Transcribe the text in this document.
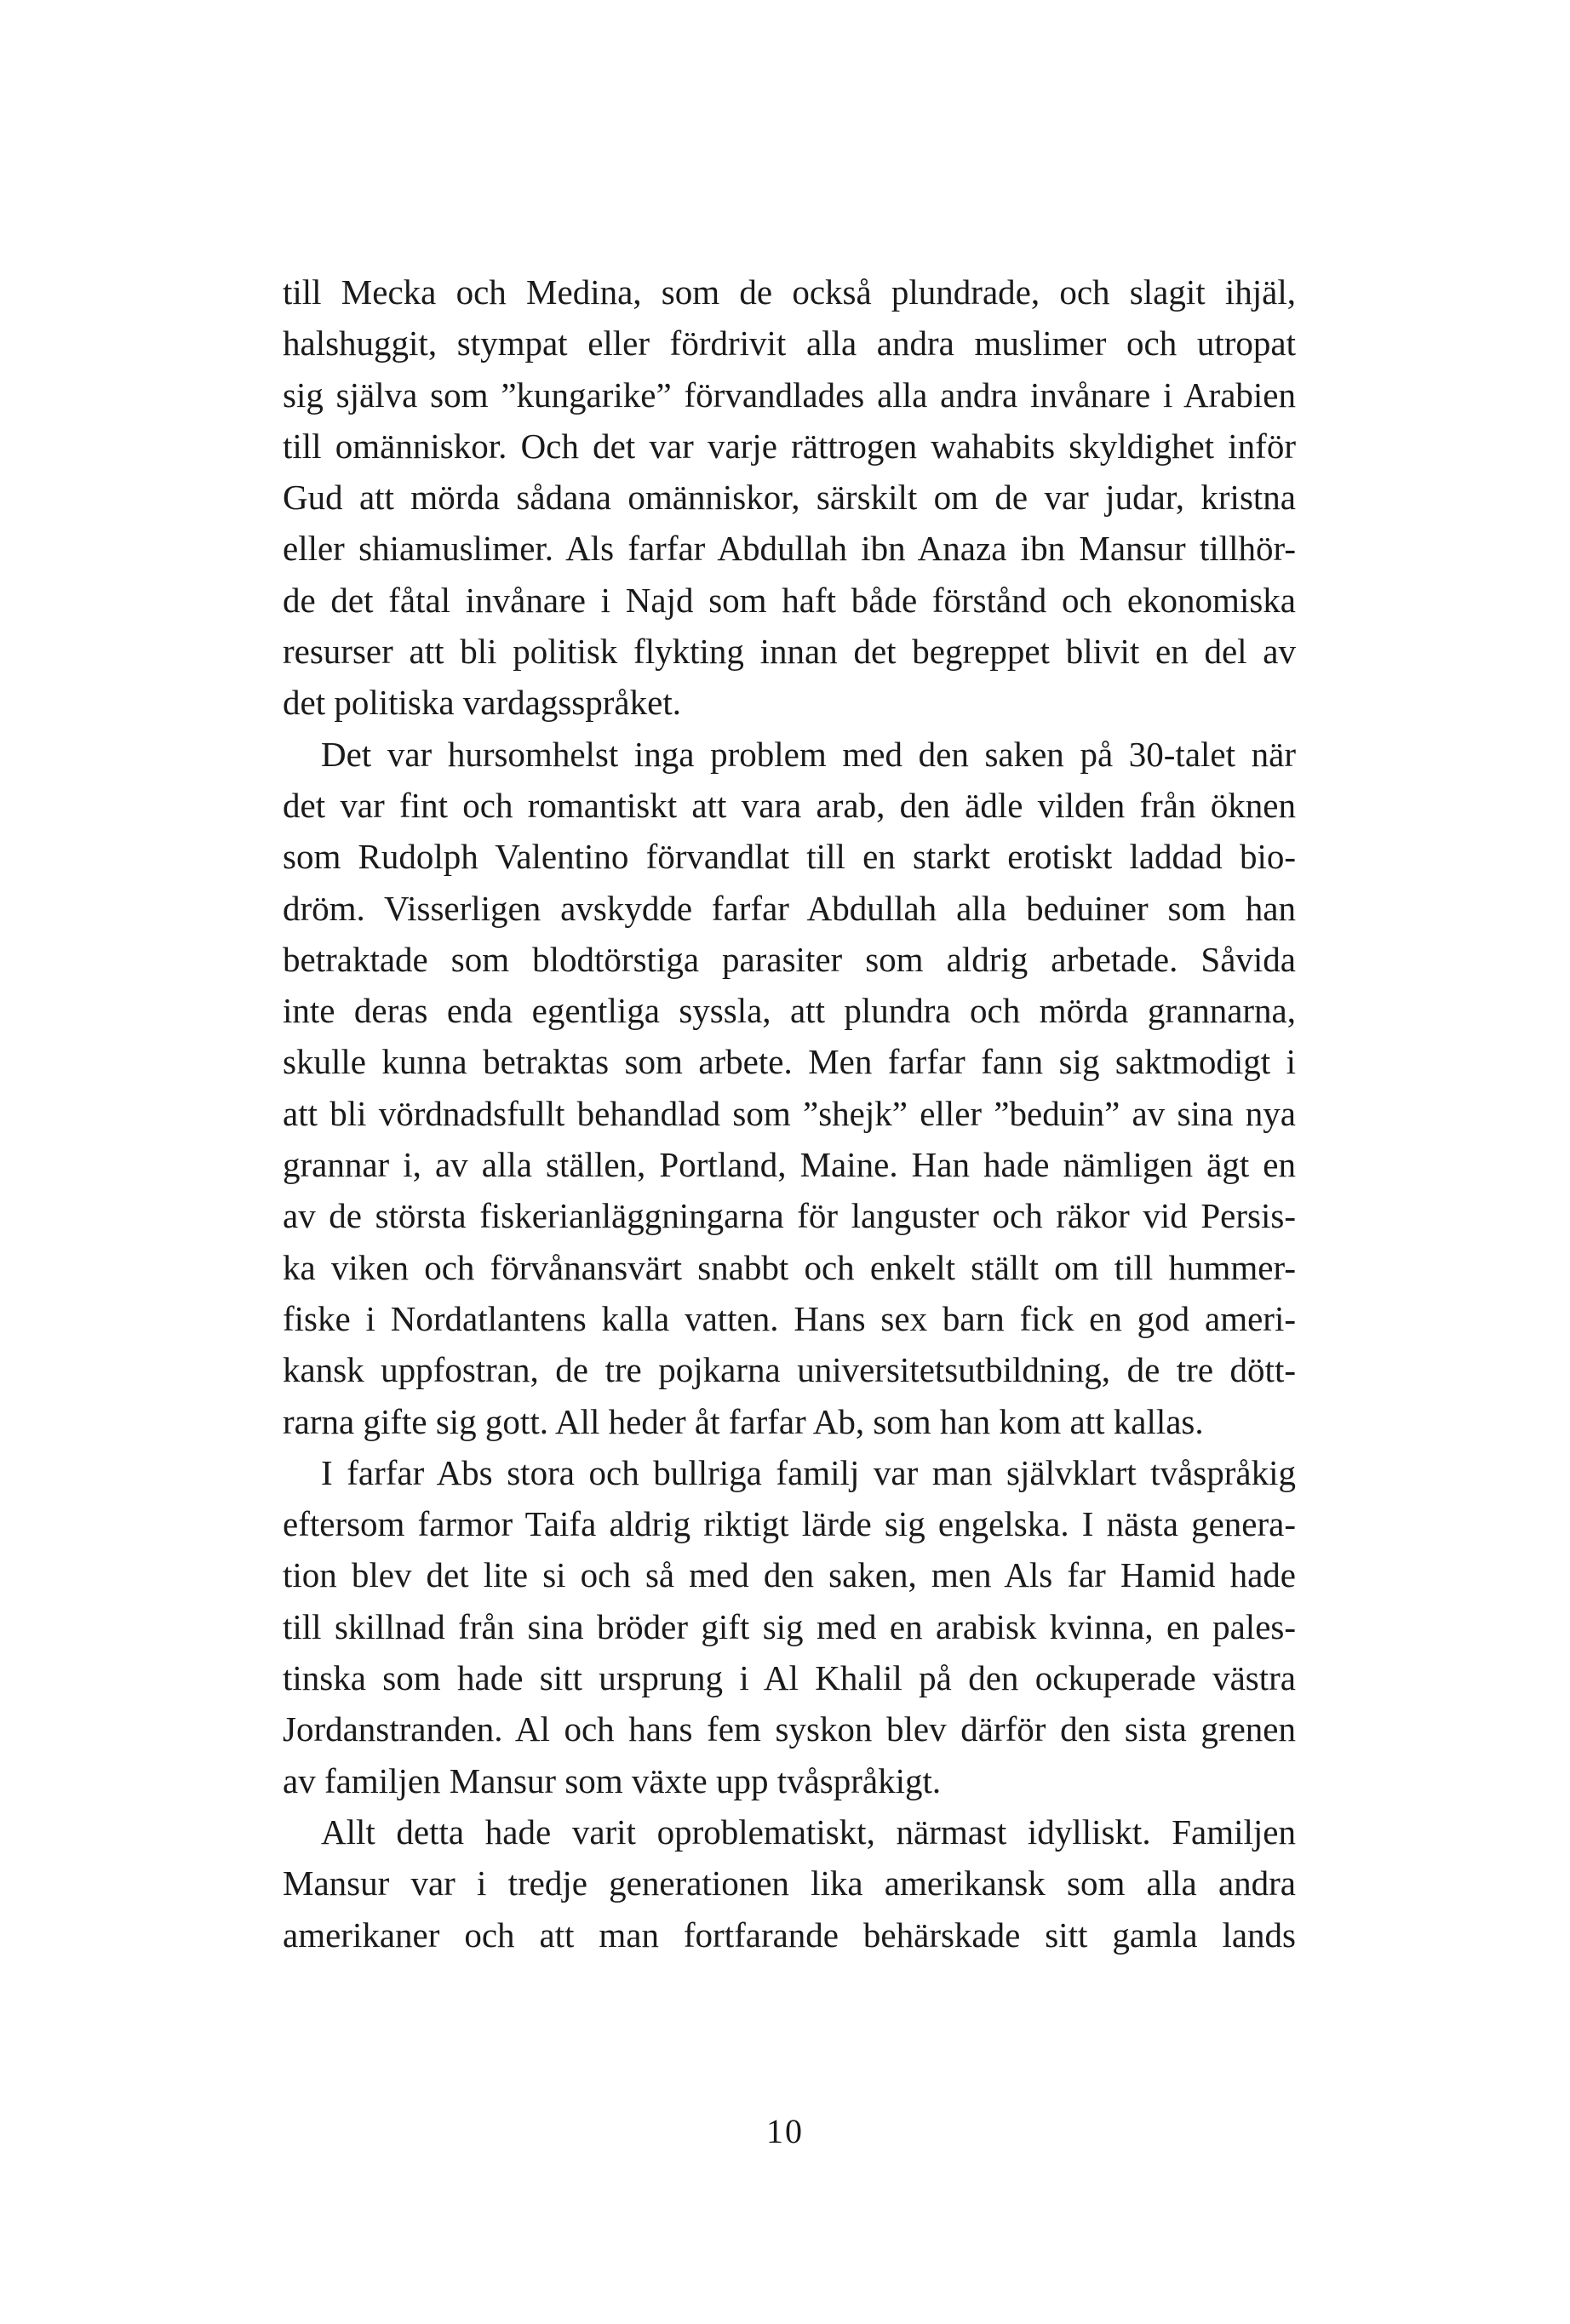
till Mecka och Medina, som de också plundrade, och slagit ihjäl,
halshuggit, stympat eller fördrivit alla andra muslimer och utropat
sig själva som ”kungarike” förvandlades alla andra invånare i Arabien
till omänniskor. Och det var varje rättrogen wahabits skyldighet inför
Gud att mörda sådana omänniskor, särskilt om de var judar, kristna
eller shiamuslimer. Als farfar Abdullah ibn Anaza ibn Mansur tillhör-
de det fåtal invånare i Najd som haft både förstånd och ekonomiska
resurser att bli politisk flykting innan det begreppet blivit en del av
det politiska vardagsspråket.
Det var hursomhelst inga problem med den saken på 30-talet när
det var fint och romantiskt att vara arab, den ädle vilden från öknen
som Rudolph Valentino förvandlat till en starkt erotiskt laddad bio-
dröm. Visserligen avskydde farfar Abdullah alla beduiner som han
betraktade som blodtörstiga parasiter som aldrig arbetade. Såvida
inte deras enda egentliga syssla, att plundra och mörda grannarna,
skulle kunna betraktas som arbete. Men farfar fann sig saktmodigt i
att bli vördnadsfullt behandlad som ”shejk” eller ”beduin” av sina nya
grannar i, av alla ställen, Portland, Maine. Han hade nämligen ägt en
av de största fiskerianläggningarna för languster och räkor vid Persis-
ka viken och förvånansvärt snabbt och enkelt ställt om till hummer-
fiske i Nordatlantens kalla vatten. Hans sex barn fick en god ameri-
kansk uppfostran, de tre pojkarna universitetsutbildning, de tre dött-
rarna gifte sig gott. All heder åt farfar Ab, som han kom att kallas.
I farfar Abs stora och bullriga familj var man självklart tvåspråkig
eftersom farmor Taifa aldrig riktigt lärde sig engelska. I nästa genera-
tion blev det lite si och så med den saken, men Als far Hamid hade
till skillnad från sina bröder gift sig med en arabisk kvinna, en pales-
tinska som hade sitt ursprung i Al Khalil på den ockuperade västra
Jordanstranden. Al och hans fem syskon blev därför den sista grenen
av familjen Mansur som växte upp tvåspråkigt.
Allt detta hade varit oproblematiskt, närmast idylliskt. Familjen
Mansur var i tredje generationen lika amerikansk som alla andra
amerikaner och att man fortfarande behärskade sitt gamla lands
10
